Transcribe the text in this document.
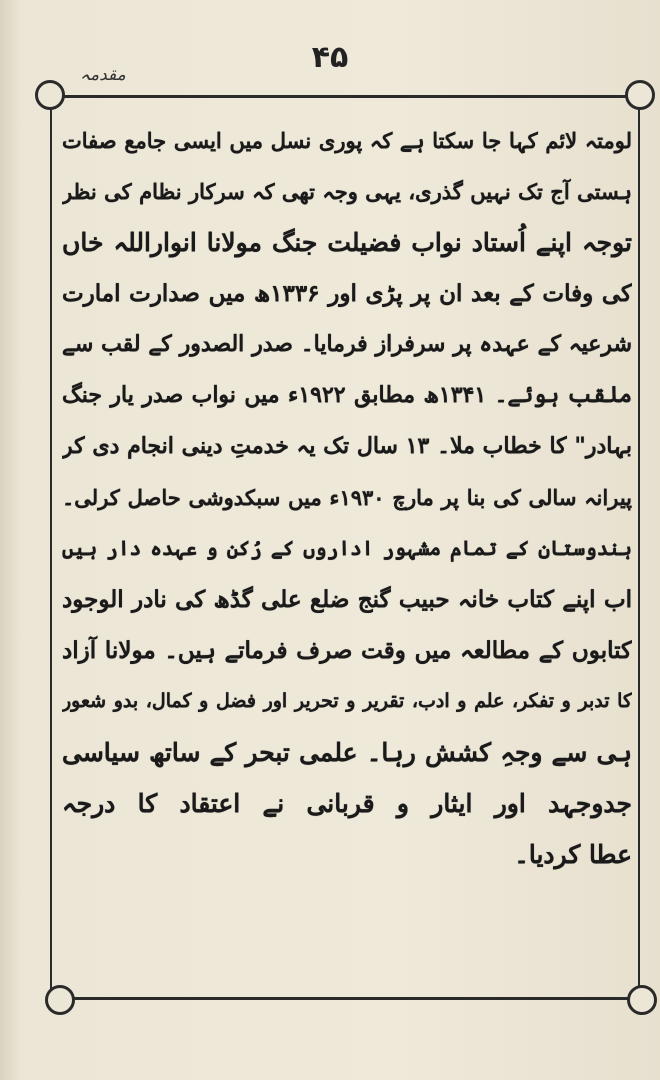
۴۵
مقدمہ
لومتہ لائم کہا جا سکتا ہے کہ پوری نسل میں ایسی جامع صفات
ہستی آج تک نہیں گذری، یہی وجہ تھی کہ سرکار نظام کی نظر
توجہ اپنے اُستاد نواب فضیلت جنگ مولانا انواراللہ خاں
کی وفات کے بعد ان پر پڑی اور ۱۳۳۶ھ میں صدارت امارت
شرعیہ کے عہدہ پر سرفراز فرمایا۔ صدر الصدور کے لقب سے
ملقب ہوئے۔ ۱۳۴۱ھ مطابق ۱۹۲۲ء میں نواب صدر یار جنگ
بہادر" کا خطاب ملا۔ ۱۳ سال تک یہ خدمتِ دینی انجام دی کر
پیرانہ سالی کی بنا پر مارچ ۱۹۳۰ء میں سبکدوشی حاصل کرلی۔
ہندوستان کے تمام مشہور اداروں کے رُکن و عہدہ دار ہیں
اب اپنے کتاب خانہ حبیب گنج ضلع علی گڈھ کی نادر الوجود
کتابوں کے مطالعہ میں وقت صرف فرماتے ہیں۔ مولانا آزاد
کا تدبر و تفکر، علم و ادب، تقریر و تحریر اور فضل و کمال، بدو شعور
ہی سے وجہِ کشش رہا۔ علمی تبحر کے ساتھ سیاسی
جدوجہد اور ایثار و قربانی نے اعتقاد کا درجہ
عطا کردیا۔
